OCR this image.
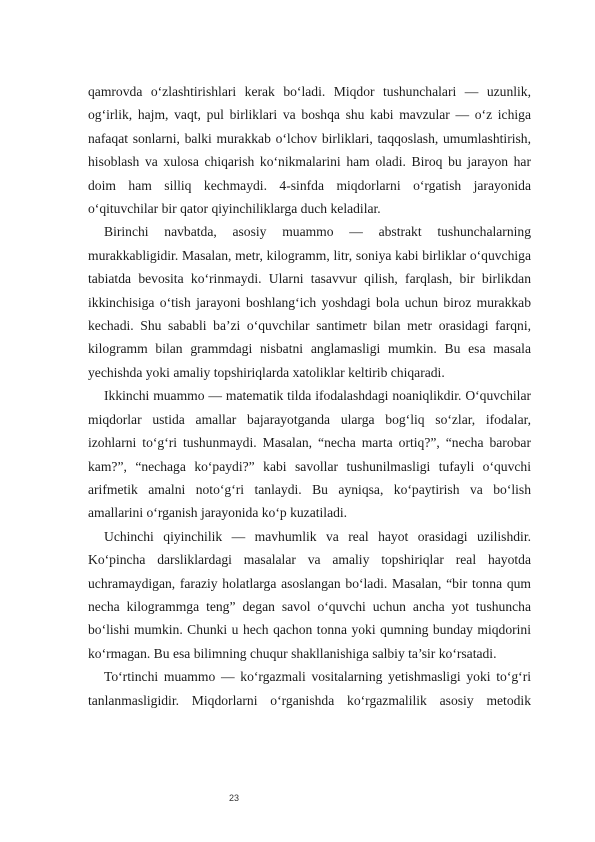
qamrovda o‘zlashtirishlari kerak bo‘ladi. Miqdor tushunchalari — uzunlik, og‘irlik, hajm, vaqt, pul birliklari va boshqa shu kabi mavzular — o‘z ichiga nafaqat sonlarni, balki murakkab o‘lchov birliklari, taqqoslash, umumlashtirish, hisoblash va xulosa chiqarish ko‘nikmalarini ham oladi. Biroq bu jarayon har doim ham silliq kechmaydi. 4-sinfda miqdorlarni o‘rgatish jarayonida o‘qituvchilar bir qator qiyinchiliklarga duch keladilar.

Birinchi navbatda, asosiy muammo — abstrakt tushunchalarning murakkabligidir. Masalan, metr, kilogramm, litr, soniya kabi birliklar o‘quvchiga tabiatda bevosita ko‘rinmaydi. Ularni tasavvur qilish, farqlash, bir birlikdan ikkinchisiga o‘tish jarayoni boshlang‘ich yoshdagi bola uchun biroz murakkab kechadi. Shu sababli ba’zi o‘quvchilar santimetr bilan metr orasidagi farqni, kilogramm bilan grammdagi nisbatni anglamasligi mumkin. Bu esa masala yechishda yoki amaliy topshiriqlarda xatoliklar keltirib chiqaradi.

Ikkinchi muammo — matematik tilda ifodalashdagi noaniqlikdir. O‘quvchilar miqdorlar ustida amallar bajarayotganda ularga bog‘liq so‘zlar, ifodalar, izohlarni to‘g‘ri tushunmaydi. Masalan, “necha marta ortiq?”, “necha barobar kam?”, “nechaga ko‘paydi?” kabi savollar tushunilmasligi tufayli o‘quvchi arifmetik amalni noto‘g‘ri tanlaydi. Bu ayniqsa, ko‘paytirish va bo‘lish amallarini o‘rganish jarayonida ko‘p kuzatiladi.

Uchinchi qiyinchilik — mavhumlik va real hayot orasidagi uzilishdir. Ko‘pincha darsliklardagi masalalar va amaliy topshiriqlar real hayotda uchramaydigan, faraziy holatlarga asoslangan bo‘ladi. Masalan, “bir tonna qum necha kilogrammga teng” degan savol o‘quvchi uchun ancha yot tushuncha bo‘lishi mumkin. Chunki u hech qachon tonna yoki qumning bunday miqdorini ko‘rmagan. Bu esa bilimning chuqur shakllanishiga salbiy ta’sir ko‘rsatadi.

To‘rtinchi muammo — ko‘rgazmali vositalarning yetishmasligi yoki to‘g‘ri tanlanmasligidir. Miqdorlarni o‘rganishda ko‘rgazmalilik asosiy metodik

23
